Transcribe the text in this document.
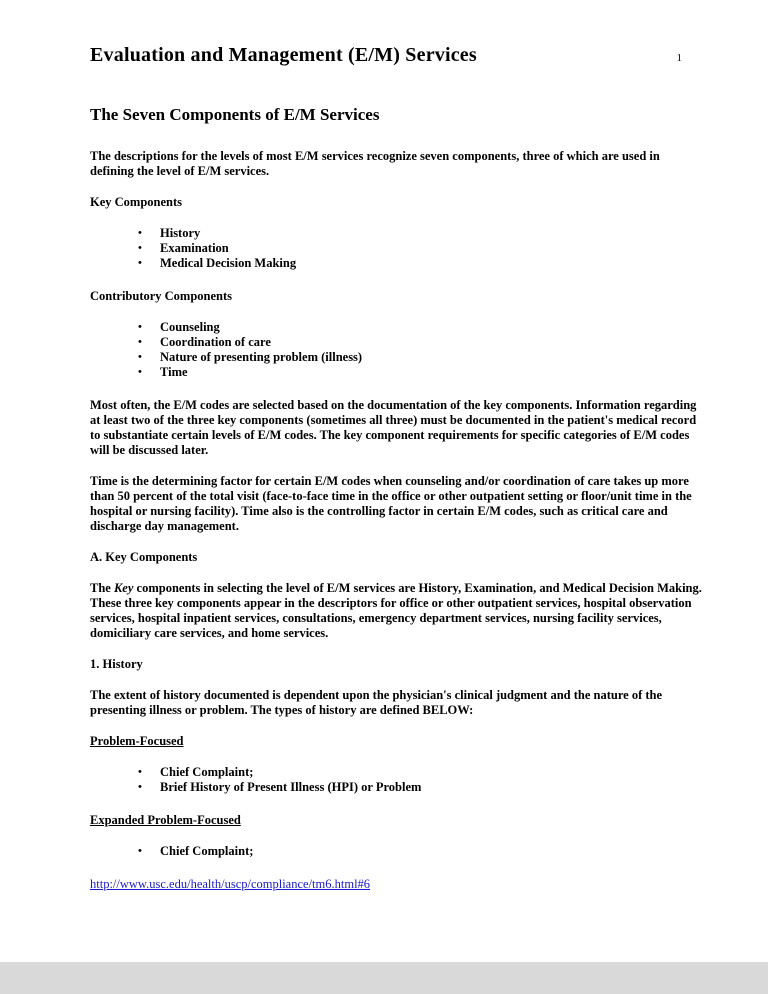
Evaluation and Management (E/M) Services	1
The Seven Components of E/M Services

The descriptions for the levels of most E/M services recognize seven components, three of which are used in defining the level of E/M services.

Key Components

• History
• Examination
• Medical Decision Making

Contributory Components

• Counseling
• Coordination of care
• Nature of presenting problem (illness)
• Time

Most often, the E/M codes are selected based on the documentation of the key components. Information regarding at least two of the three key components (sometimes all three) must be documented in the patient's medical record to substantiate certain levels of E/M codes. The key component requirements for specific categories of E/M codes will be discussed later.

Time is the determining factor for certain E/M codes when counseling and/or coordination of care takes up more than 50 percent of the total visit (face-to-face time in the office or other outpatient setting or floor/unit time in the hospital or nursing facility). Time also is the controlling factor in certain E/M codes, such as critical care and discharge day management.

A. Key Components

The Key components in selecting the level of E/M services are History, Examination, and Medical Decision Making. These three key components appear in the descriptors for office or other outpatient services, hospital observation services, hospital inpatient services, consultations, emergency department services, nursing facility services, domiciliary care services, and home services.

1. History

The extent of history documented is dependent upon the physician's clinical judgment and the nature of the presenting illness or problem. The types of history are defined BELOW:

Problem-Focused

• Chief Complaint;
• Brief History of Present Illness (HPI) or Problem

Expanded Problem-Focused

• Chief Complaint;

http://www.usc.edu/health/uscp/compliance/tm6.html#6
